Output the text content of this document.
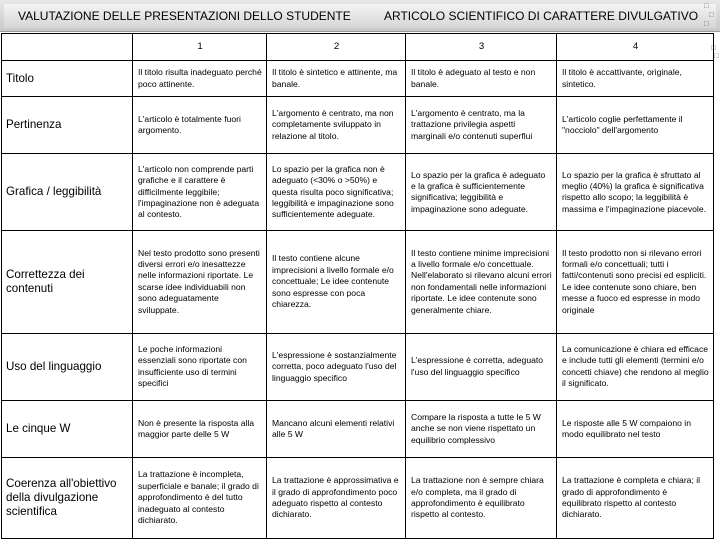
□
□
□
VALUTAZIONE DELLE PRESENTAZIONI DELLO STUDENTE	ARTICOLO SCIENTIFICO DI CARATTERE DIVULGATIVO
□
□
	1	2	3	4
Titolo	Il titolo risulta inadeguato perché poco attinente.	Il titolo è sintetico e attinente, ma banale.	Il titolo è adeguato al testo e non banale.	Il titolo è accattivante, originale, sintetico.
Pertinenza	L'articolo è totalmente fuori argomento.	L'argomento è centrato, ma non completamente sviluppato in relazione al titolo.	L'argomento è centrato, ma la trattazione privilegia aspetti marginali e/o contenuti superflui	L'articolo coglie perfettamente il "nocciolo" dell'argomento
Grafica / leggibilità	L'articolo non comprende parti grafiche e il carattere è difficilmente leggibile; l'impaginazione non è adeguata al contesto.	Lo spazio per la grafica non è adeguato (<30% o >50%) e questa risulta poco significativa; leggibilità e impaginazione sono sufficientemente adeguate.	Lo spazio per la grafica è adeguato e la grafica è sufficientemente significativa; leggibilità e impaginazione sono adeguate.	Lo spazio per la grafica è sfruttato al meglio (40%) la grafica è significativa rispetto allo scopo; la leggibilità è massima e l'impaginazione piacevole.
Correttezza dei contenuti	Nel testo prodotto sono presenti diversi errori e/o inesattezze nelle informazioni riportate. Le scarse idee individuabili non sono adeguatamente sviluppate.	Il testo contiene alcune imprecisioni a livello formale e/o concettuale; Le idee contenute sono espresse con poca chiarezza.	Il testo contiene minime imprecisioni a livello formale e/o concettuale. Nell'elaborato si rilevano alcuni errori non fondamentali nelle informazioni riportate. Le idee contenute sono generalmente chiare.	Il testo prodotto non si rilevano errori formali e/o concettuali; tutti i fatti/contenuti sono precisi ed espliciti. Le idee contenute sono chiare, ben messe a fuoco ed espresse in modo originale
Uso del linguaggio	Le poche informazioni essenziali sono riportate con insufficiente uso di termini specifici	L'espressione è sostanzialmente corretta, poco adeguato l'uso del linguaggio specifico	L'espressione è corretta, adeguato l'uso del linguaggio specifico	La comunicazione è chiara ed efficace e include tutti gli elementi (termini e/o concetti chiave) che rendono al meglio il significato.
Le cinque W	Non è presente la risposta alla maggior parte delle 5 W	Mancano alcuni elementi relativi alle 5 W	Compare la risposta a tutte le 5 W anche se non viene rispettato un equilibrio complessivo	Le risposte alle 5 W compaiono in modo equilibrato nel testo
Coerenza all'obiettivo della divulgazione scientifica	La trattazione è incompleta, superficiale e banale; il grado di approfondimento è del tutto inadeguato al contesto dichiarato.	La trattazione è approssimativa e il grado di approfondimento poco adeguato rispetto al contesto dichiarato.	La trattazione non è sempre chiara e/o completa, ma il grado di approfondimento è equilibrato rispetto al contesto.	La trattazione è completa e chiara; il grado di approfondimento è equilibrato rispetto al contesto dichiarato.
